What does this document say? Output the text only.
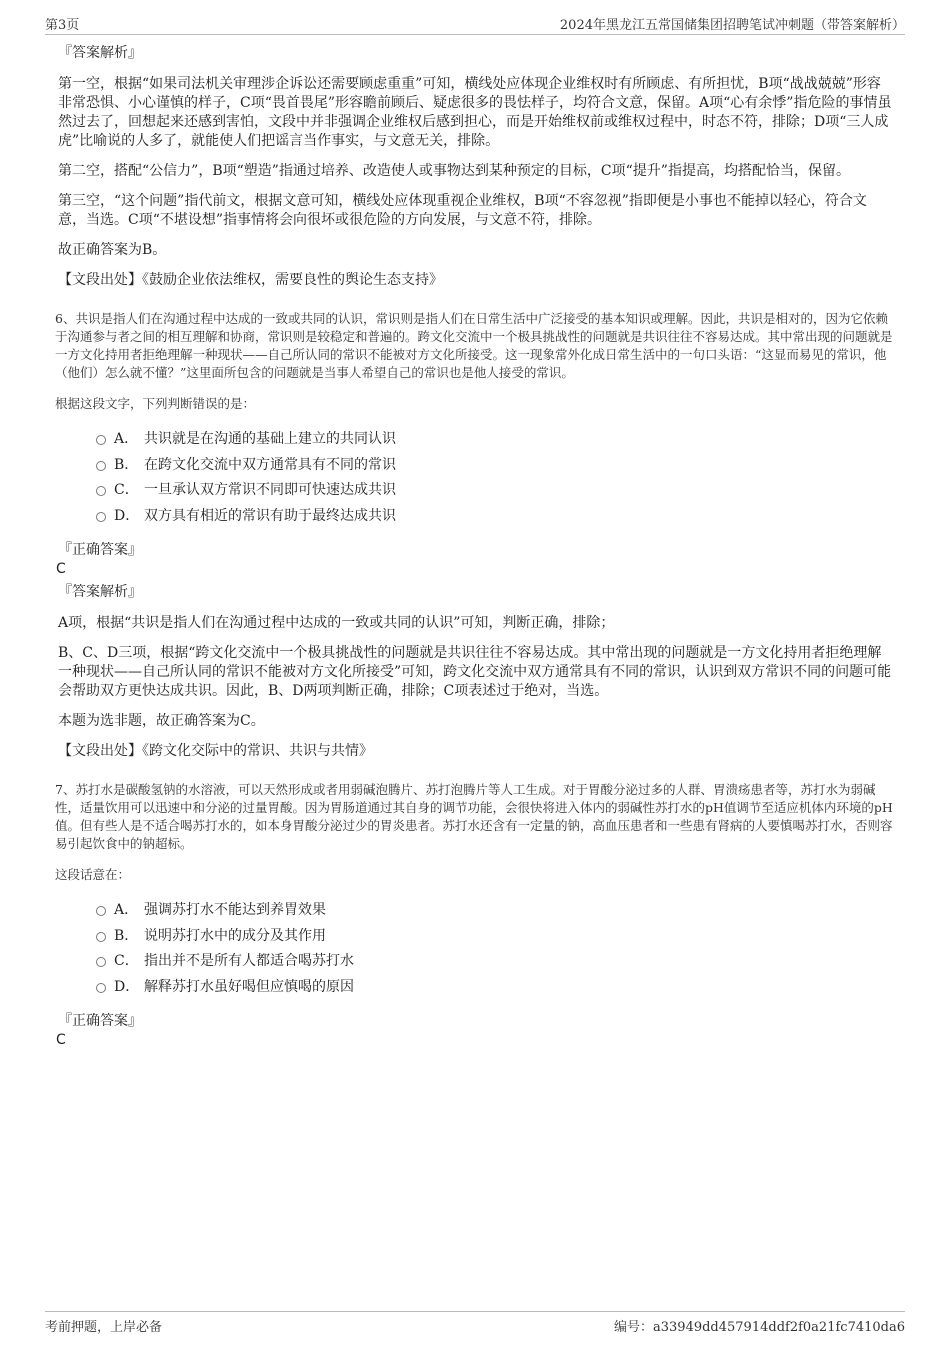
第3页	2024年黑龙江五常国储集团招聘笔试冲刺题（带答案解析）

『答案解析』

第一空，根据“如果司法机关审理涉企诉讼还需要顾虑重重”可知，横线处应体现企业维权时有所顾虑、有所担忧，B项“战战兢兢”形容非常恐惧、小心谨慎的样子，C项“畏首畏尾”形容瞻前顾后、疑虑很多的畏怯样子，均符合文意，保留。A项“心有余悸”指危险的事情虽然过去了，回想起来还感到害怕，文段中并非强调企业维权后感到担心，而是开始维权前或维权过程中，时态不符，排除；D项“三人成虎”比喻说的人多了，就能使人们把谣言当作事实，与文意无关，排除。

第二空，搭配“公信力”，B项“塑造”指通过培养、改造使人或事物达到某种预定的目标，C项“提升”指提高，均搭配恰当，保留。

第三空，“这个问题”指代前文，根据文意可知，横线处应体现重视企业维权，B项“不容忽视”指即便是小事也不能掉以轻心，符合文意，当选。C项“不堪设想”指事情将会向很坏或很危险的方向发展，与文意不符，排除。

故正确答案为B。

【文段出处】《鼓励企业依法维权，需要良性的舆论生态支持》

6、共识是指人们在沟通过程中达成的一致或共同的认识，常识则是指人们在日常生活中广泛接受的基本知识或理解。因此，共识是相对的，因为它依赖于沟通参与者之间的相互理解和协商，常识则是较稳定和普遍的。跨文化交流中一个极具挑战性的问题就是共识往往不容易达成。其中常出现的问题就是一方文化持用者拒绝理解一种现状——自己所认同的常识不能被对方文化所接受。这一现象常外化成日常生活中的一句口头语：“这显而易见的常识，他（他们）怎么就不懂？”这里面所包含的问题就是当事人希望自己的常识也是他人接受的常识。

根据这段文字，下列判断错误的是：

A． 共识就是在沟通的基础上建立的共同认识
B． 在跨文化交流中双方通常具有不同的常识
C． 一旦承认双方常识不同即可快速达成共识
D． 双方具有相近的常识有助于最终达成共识

『正确答案』

C

『答案解析』

A项，根据“共识是指人们在沟通过程中达成的一致或共同的认识”可知，判断正确，排除；

B、C、D三项，根据“跨文化交流中一个极具挑战性的问题就是共识往往不容易达成。其中常出现的问题就是一方文化持用者拒绝理解一种现状——自己所认同的常识不能被对方文化所接受”可知，跨文化交流中双方通常具有不同的常识，认识到双方常识不同的问题可能会帮助双方更快达成共识。因此，B、D两项判断正确，排除；C项表述过于绝对，当选。

本题为选非题，故正确答案为C。

【文段出处】《跨文化交际中的常识、共识与共情》

7、苏打水是碳酸氢钠的水溶液，可以天然形成或者用弱碱泡腾片、苏打泡腾片等人工生成。对于胃酸分泌过多的人群、胃溃疡患者等，苏打水为弱碱性，适量饮用可以迅速中和分泌的过量胃酸。因为胃肠道通过其自身的调节功能，会很快将进入体内的弱碱性苏打水的pH值调节至适应机体内环境的pH值。但有些人是不适合喝苏打水的，如本身胃酸分泌过少的胃炎患者。苏打水还含有一定量的钠，高血压患者和一些患有肾病的人要慎喝苏打水，否则容易引起饮食中的钠超标。

这段话意在：

A． 强调苏打水不能达到养胃效果
B． 说明苏打水中的成分及其作用
C． 指出并不是所有人都适合喝苏打水
D． 解释苏打水虽好喝但应慎喝的原因

『正确答案』

C

考前押题，上岸必备	编号：a33949dd457914ddf2f0a21fc7410da6
